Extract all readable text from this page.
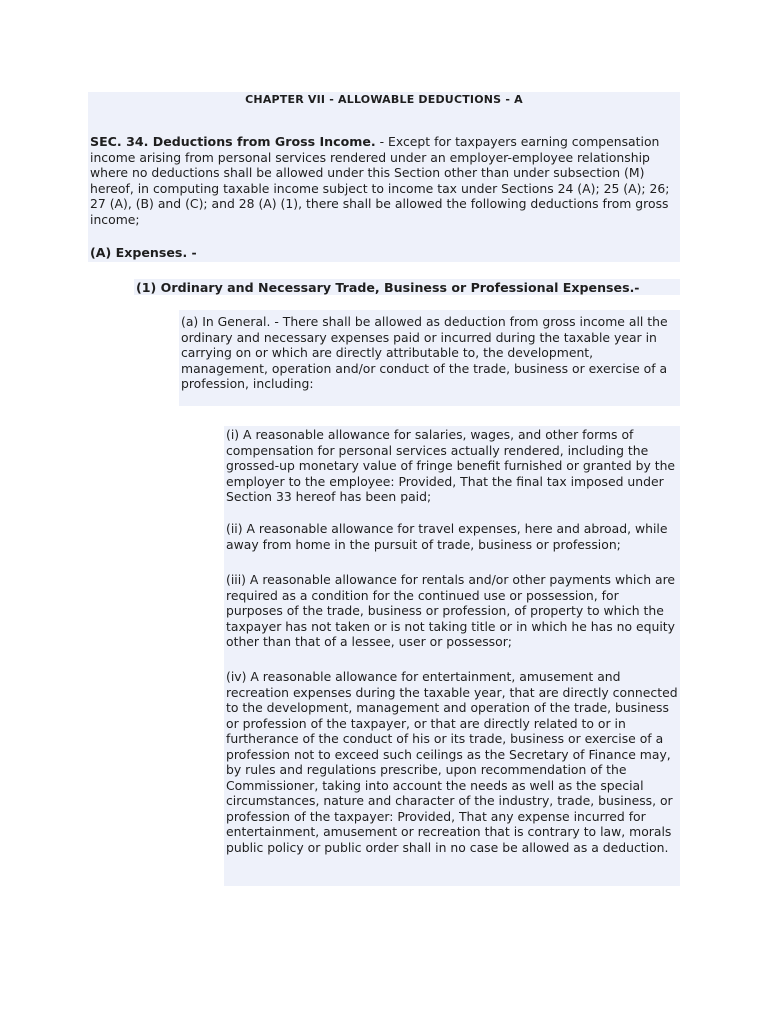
CHAPTER VII - ALLOWABLE DEDUCTIONS - A

SEC. 34. Deductions from Gross Income. - Except for taxpayers earning compensation income arising from personal services rendered under an employer-employee relationship where no deductions shall be allowed under this Section other than under subsection (M) hereof, in computing taxable income subject to income tax under Sections 24 (A); 25 (A); 26; 27 (A), (B) and (C); and 28 (A) (1), there shall be allowed the following deductions from gross income;

(A) Expenses. -

(1) Ordinary and Necessary Trade, Business or Professional Expenses.-

(a) In General. - There shall be allowed as deduction from gross income all the ordinary and necessary expenses paid or incurred during the taxable year in carrying on or which are directly attributable to, the development, management, operation and/or conduct of the trade, business or exercise of a profession, including:

(i) A reasonable allowance for salaries, wages, and other forms of compensation for personal services actually rendered, including the grossed-up monetary value of fringe benefit furnished or granted by the employer to the employee: Provided, That the final tax imposed under Section 33 hereof has been paid;

(ii) A reasonable allowance for travel expenses, here and abroad, while away from home in the pursuit of trade, business or profession;

(iii) A reasonable allowance for rentals and/or other payments which are required as a condition for the continued use or possession, for purposes of the trade, business or profession, of property to which the taxpayer has not taken or is not taking title or in which he has no equity other than that of a lessee, user or possessor;

(iv) A reasonable allowance for entertainment, amusement and recreation expenses during the taxable year, that are directly connected to the development, management and operation of the trade, business or profession of the taxpayer, or that are directly related to or in furtherance of the conduct of his or its trade, business or exercise of a profession not to exceed such ceilings as the Secretary of Finance may, by rules and regulations prescribe, upon recommendation of the Commissioner, taking into account the needs as well as the special circumstances, nature and character of the industry, trade, business, or profession of the taxpayer: Provided, That any expense incurred for entertainment, amusement or recreation that is contrary to law, morals public policy or public order shall in no case be allowed as a deduction.
